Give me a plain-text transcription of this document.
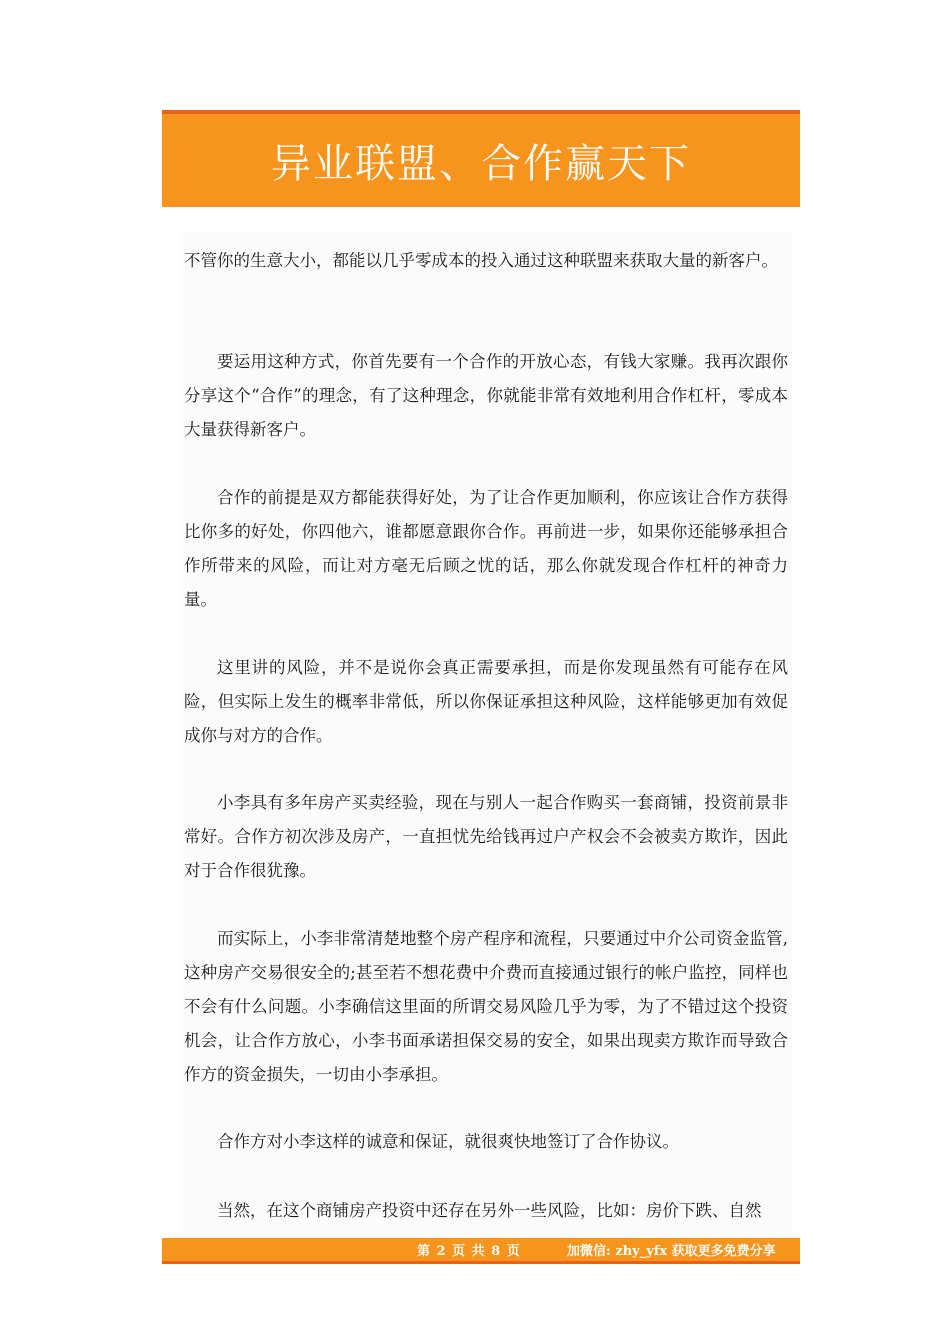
异业联盟、合作赢天下

不管你的生意大小，都能以几乎零成本的投入通过这种联盟来获取大量的新客户。

要运用这种方式，你首先要有一个合作的开放心态，有钱大家赚。我再次跟你分享这个“合作”的理念，有了这种理念，你就能非常有效地利用合作杠杆，零成本大量获得新客户。

合作的前提是双方都能获得好处，为了让合作更加顺利，你应该让合作方获得比你多的好处，你四他六，谁都愿意跟你合作。再前进一步，如果你还能够承担合作所带来的风险，而让对方毫无后顾之忧的话，那么你就发现合作杠杆的神奇力量。

这里讲的风险，并不是说你会真正需要承担，而是你发现虽然有可能存在风险，但实际上发生的概率非常低，所以你保证承担这种风险，这样能够更加有效促成你与对方的合作。

小李具有多年房产买卖经验，现在与别人一起合作购买一套商铺，投资前景非常好。合作方初次涉及房产，一直担忧先给钱再过户产权会不会被卖方欺诈，因此对于合作很犹豫。

而实际上，小李非常清楚地整个房产程序和流程，只要通过中介公司资金监管,这种房产交易很安全的;甚至若不想花费中介费而直接通过银行的帐户监控，同样也不会有什么问题。小李确信这里面的所谓交易风险几乎为零，为了不错过这个投资机会，让合作方放心，小李书面承诺担保交易的安全，如果出现卖方欺诈而导致合作方的资金损失，一切由小李承担。

合作方对小李这样的诚意和保证，就很爽快地签订了合作协议。

当然，在这个商铺房产投资中还存在另外一些风险，比如：房价下跌、自然

第 2 页 共 8 页	加微信: zhy_yfx 获取更多免费分享
